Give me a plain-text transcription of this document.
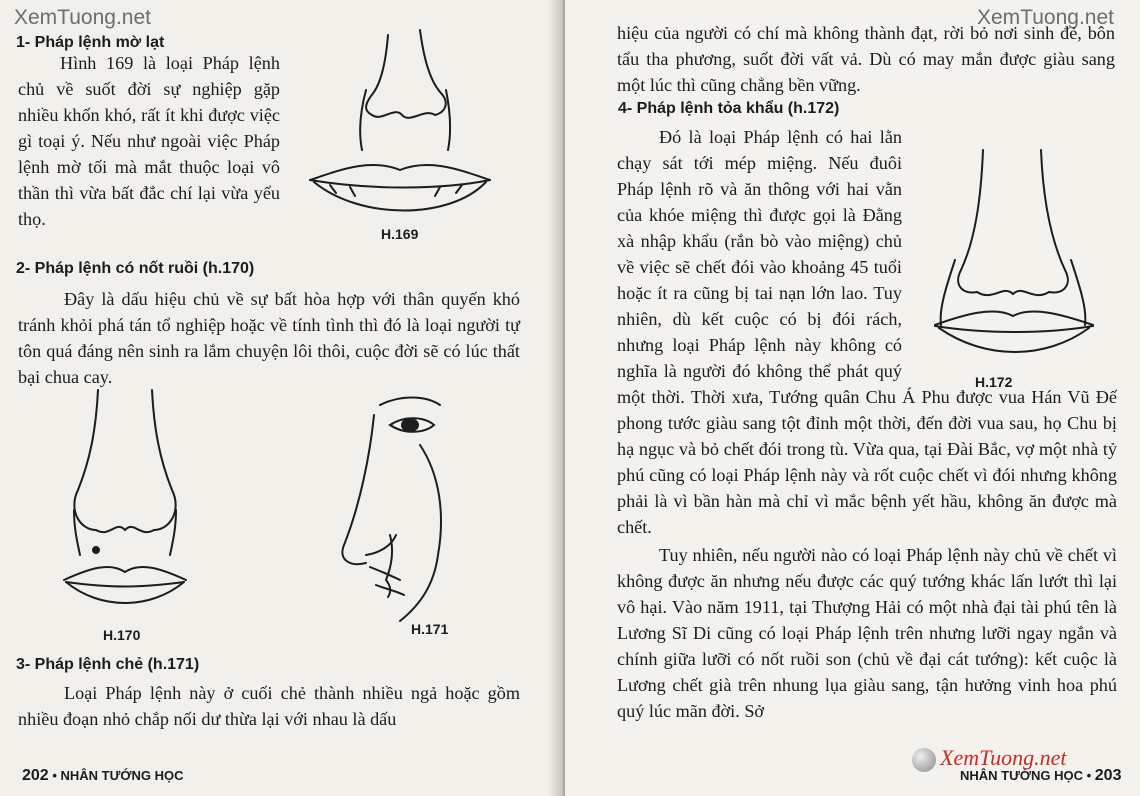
XemTuong.net
1- Pháp lệnh mờ lạt

Hình 169 là loại Pháp lệnh chủ về suốt đời sự nghiệp gặp nhiều khốn khó, rất ít khi được việc gì toại ý. Nếu như ngoài việc Pháp lệnh mờ tối mà mắt thuộc loại vô thần thì vừa bất đắc chí lại vừa yểu thọ.

H.169
2- Pháp lệnh có nốt ruồi (h.170)

Đây là dấu hiệu chủ về sự bất hòa hợp với thân quyến khó tránh khỏi phá tán tổ nghiệp hoặc về tính tình thì đó là loại người tự tôn quá đáng nên sinh ra lắm chuyện lôi thôi, cuộc đời sẽ có lúc thất bại chua cay.

H.170	H.171
3- Pháp lệnh chẻ (h.171)

Loại Pháp lệnh này ở cuối chẻ thành nhiều ngả hoặc gồm nhiều đoạn nhỏ chắp nối dư thừa lại với nhau là dấu

202 • NHÂN TƯỚNG HỌC
XemTuong.net

hiệu của người có chí mà không thành đạt, rời bỏ nơi sinh đẻ, bôn tẩu tha phương, suốt đời vất vả. Dù có may mắn được giàu sang một lúc thì cũng chẳng bền vững.

4- Pháp lệnh tỏa khẩu (h.172)
Đó là loại Pháp lệnh có hai lằn chạy sát tới mép miệng. Nếu đuôi Pháp lệnh rõ và ăn thông với hai vằn của khóe miệng thì được gọi là Đằng xà nhập khẩu (rắn bò vào miệng) chủ về việc sẽ chết đói vào khoảng 45 tuổi hoặc ít ra cũng bị tai nạn lớn lao. Tuy nhiên, dù kết cuộc có bị đói rách, nhưng loại Pháp lệnh này không có nghĩa là người đó không thể phát quý một thời. Thời xưa, Tướng quân Chu Á Phu được vua Hán Vũ Đế phong tước giàu sang tột đỉnh một thời, đến đời vua sau, họ Chu bị hạ ngục và bỏ chết đói trong tù. Vừa qua, tại Đài Bắc, vợ một nhà tỷ phú cũng có loại Pháp lệnh này và rốt cuộc chết vì đói nhưng không phải là vì bần hàn mà chỉ vì mắc bệnh yết hầu, không ăn được mà chết.
Tuy nhiên, nếu người nào có loại Pháp lệnh này chủ về chết vì không được ăn nhưng nếu được các quý tướng khác lấn lướt thì lại vô hại. Vào năm 1911, tại Thượng Hải có một nhà đại tài phú tên là Lương Sĩ Di cũng có loại Pháp lệnh trên nhưng lưỡi ngay ngắn và chính giữa lưỡi có nốt ruồi son (chủ về đại cát tướng): kết cuộc là Lương chết già trên nhung lụa giàu sang, tận hưởng vinh hoa phú quý lúc mãn đời. Sở
H.172
NHÂN TƯỚNG HỌC • 203
XemTuong.net
